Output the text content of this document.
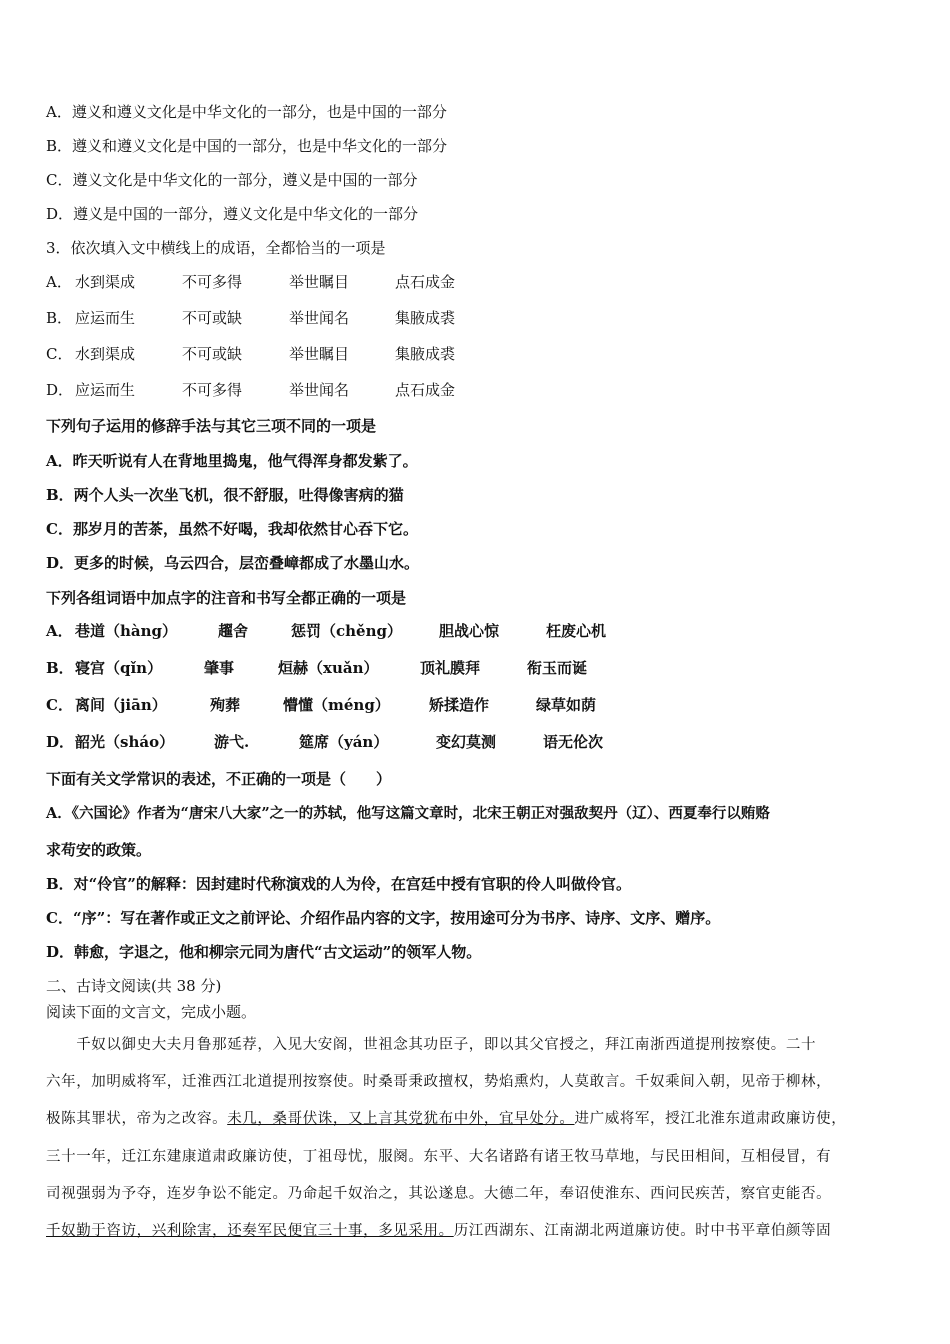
A．遵义和遵义文化是中华文化的一部分，也是中国的一部分
B．遵义和遵义文化是中国的一部分，也是中华文化的一部分
C．遵义文化是中华文化的一部分，遵义是中国的一部分
D．遵义是中国的一部分，遵义文化是中华文化的一部分
3．依次填入文中横线上的成语，全都恰当的一项是
A． 水到渠成	不可多得	举世瞩目	点石成金
B． 应运而生	不可或缺	举世闻名	集腋成裘
C． 水到渠成	不可或缺	举世瞩目	集腋成裘
D． 应运而生	不可多得	举世闻名	点石成金
下列句子运用的修辞手法与其它三项不同的一项是
A．昨天听说有人在背地里捣鬼，他气得浑身都发紫了。
B．两个人头一次坐飞机，很不舒服，吐得像害病的猫
C．那岁月的苦茶，虽然不好喝，我却依然甘心吞下它。
D．更多的时候，乌云四合，层峦叠嶂都成了水墨山水。
下列各组词语中加点字的注音和书写全都正确的一项是
A． 巷道（hàng）	趯舍	惩罚（chěng） 胆战心惊	枉废心机
B． 寝宫（qǐn）	肇事	烜赫（xuǎn）	顶礼膜拜	衔玉而诞
C． 离间（jiān）	殉葬	懵懂（méng）	矫揉造作	绿草如荫
D． 韶光（sháo）	游弋.	筵席（yán）	变幻莫测	语无伦次
下面有关文学常识的表述，不正确的一项是（　　）
A．《六国论》作者为“唐宋八大家”之一的苏轼，他写这篇文章时，北宋王朝正对强敌契丹（辽）、西夏奉行以贿赂
求苟安的政策。
B．对“伶官”的解释：因封建时代称演戏的人为伶，在宫廷中授有官职的伶人叫做伶官。
C．“序”：写在著作或正文之前评论、介绍作品内容的文字，按用途可分为书序、诗序、文序、赠序。
D．韩愈，字退之，他和柳宗元同为唐代“古文运动”的领军人物。
二、古诗文阅读(共 38 分)
阅读下面的文言文，完成小题。
　　千奴以御史大夫月鲁那延荐，入见大安阁，世祖念其功臣子，即以其父官授之，拜江南浙西道提刑按察使。二十
六年，加明威将军，迁淮西江北道提刑按察使。时桑哥秉政擅权，势焰熏灼，人莫敢言。千奴乘间入朝，见帝于柳林，
极陈其罪状，帝为之改容。未几，桑哥伏诛，又上言其党犹布中外，宜早处分。进广威将军，授江北淮东道肃政廉访使，
三十一年，迁江东建康道肃政廉访使，丁祖母忧，服阕。东平、大名诸路有诸王牧马草地，与民田相间，互相侵冒，有
司视强弱为予夺，连岁争讼不能定。乃命起千奴治之，其讼遂息。大德二年，奉诏使淮东、西问民疾苦，察官吏能否。
千奴勤于咨访，兴利除害，还奏军民便宜三十事，多见采用。历江西湖东、江南湖北两道廉访使。时中书平章伯颜等固
